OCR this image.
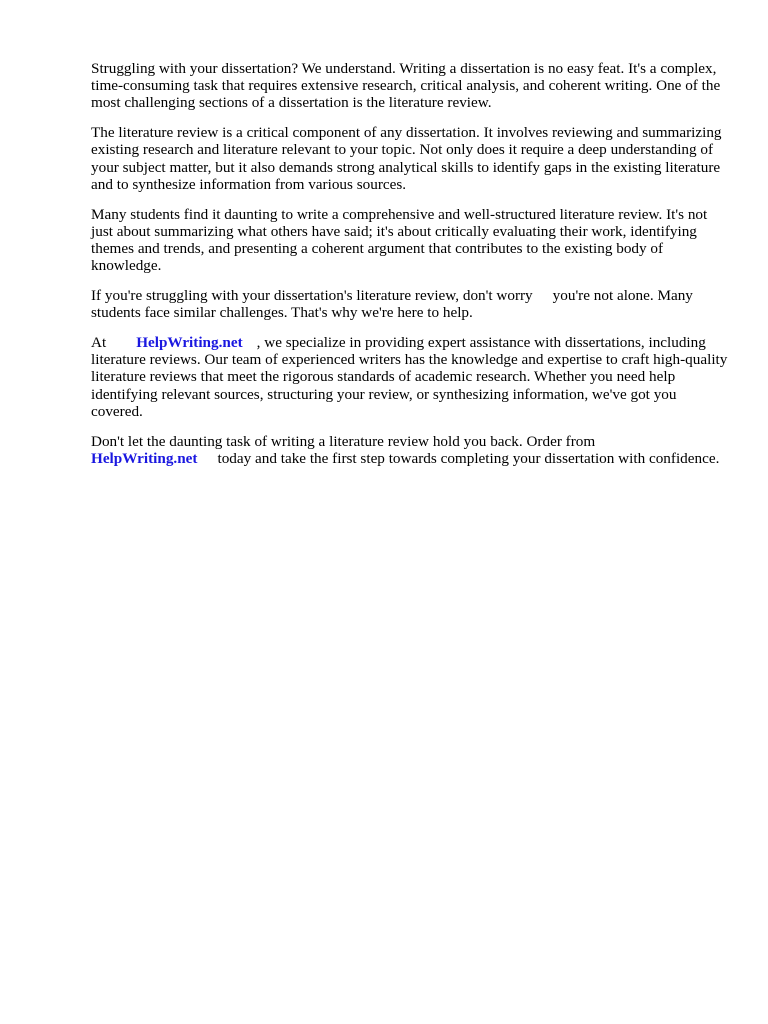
Struggling with your dissertation? We understand. Writing a dissertation is no easy feat. It's a complex, time-consuming task that requires extensive research, critical analysis, and coherent writing. One of the most challenging sections of a dissertation is the literature review.

The literature review is a critical component of any dissertation. It involves reviewing and summarizing existing research and literature relevant to your topic. Not only does it require a deep understanding of your subject matter, but it also demands strong analytical skills to identify gaps in the existing literature and to synthesize information from various sources.

Many students find it daunting to write a comprehensive and well-structured literature review. It's not just about summarizing what others have said; it's about critically evaluating their work, identifying themes and trends, and presenting a coherent argument that contributes to the existing body of knowledge.

If you're struggling with your dissertation's literature review, don't worry you're not alone. Many students face similar challenges. That's why we're here to help.

At HelpWriting.net , we specialize in providing expert assistance with dissertations, including literature reviews. Our team of experienced writers has the knowledge and expertise to craft high-quality literature reviews that meet the rigorous standards of academic research. Whether you need help identifying relevant sources, structuring your review, or synthesizing information, we've got you covered.

Don't let the daunting task of writing a literature review hold you back. Order from
HelpWriting.net today and take the first step towards completing your dissertation with confidence.
